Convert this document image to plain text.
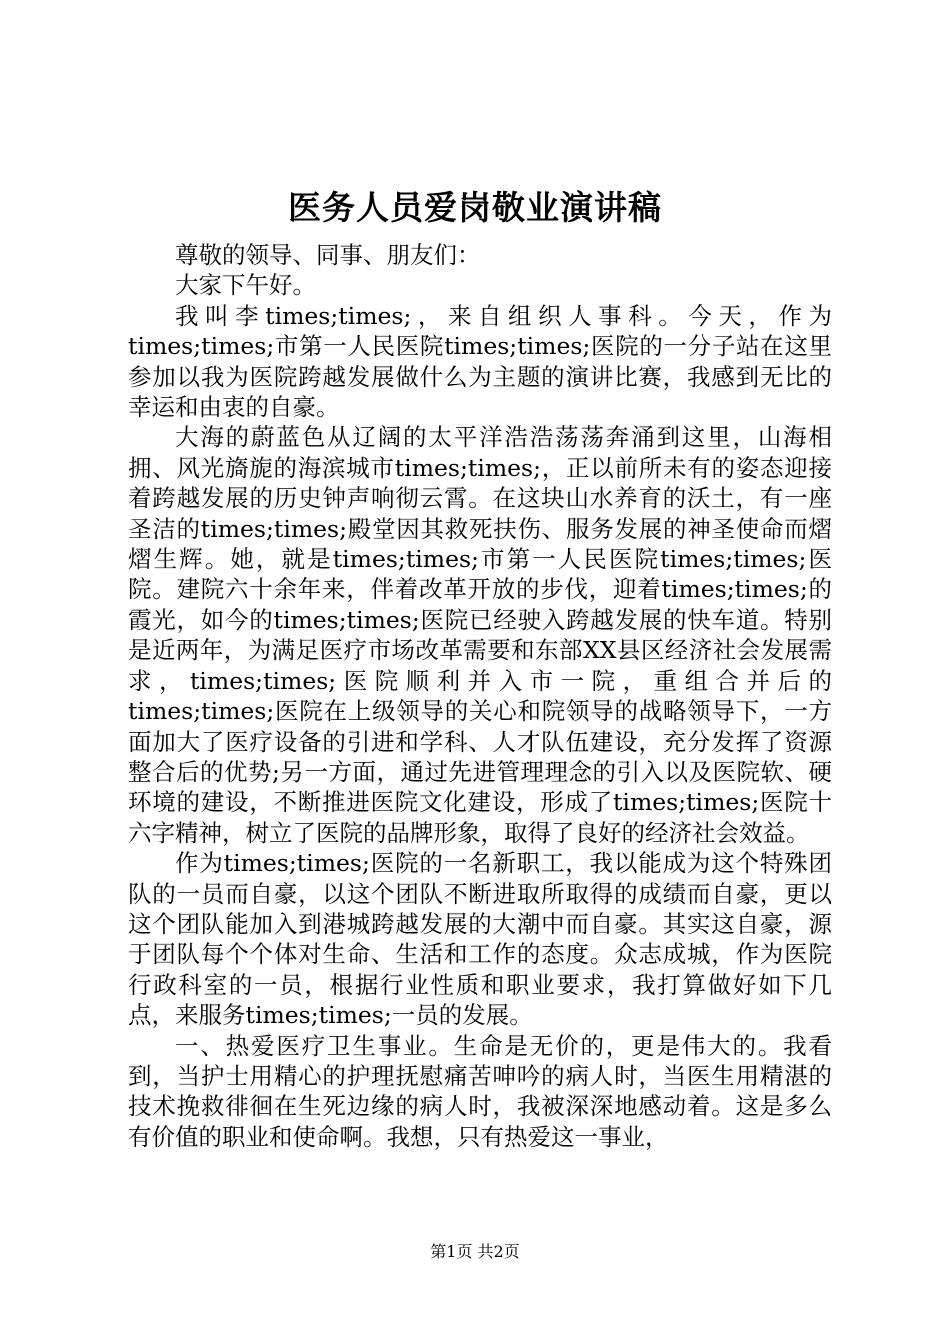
医务人员爱岗敬业演讲稿

尊敬的领导、同事、朋友们：

大家下午好。

我叫李times;times;，来自组织人事科。今天，作为times;times;市第一人民医院times;times;医院的一分子站在这里参加以我为医院跨越发展做什么为主题的演讲比赛，我感到无比的幸运和由衷的自豪。

大海的蔚蓝色从辽阔的太平洋浩浩荡荡奔涌到这里，山海相拥、风光旖旎的海滨城市times;times;，正以前所未有的姿态迎接着跨越发展的历史钟声响彻云霄。在这块山水养育的沃土，有一座圣洁的times;times;殿堂因其救死扶伤、服务发展的神圣使命而熠熠生辉。她，就是times;times;市第一人民医院times;times;医院。建院六十余年来，伴着改革开放的步伐，迎着times;times;的霞光，如今的times;times;医院已经驶入跨越发展的快车道。特别是近两年，为满足医疗市场改革需要和东部XX县区经济社会发展需求，times;times;医院顺利并入市一院，重组合并后的times;times;医院在上级领导的关心和院领导的战略领导下，一方面加大了医疗设备的引进和学科、人才队伍建设，充分发挥了资源整合后的优势;另一方面，通过先进管理理念的引入以及医院软、硬环境的建设，不断推进医院文化建设，形成了times;times;医院十六字精神，树立了医院的品牌形象，取得了良好的经济社会效益。

作为times;times;医院的一名新职工，我以能成为这个特殊团队的一员而自豪，以这个团队不断进取所取得的成绩而自豪，更以这个团队能加入到港城跨越发展的大潮中而自豪。其实这自豪，源于团队每个个体对生命、生活和工作的态度。众志成城，作为医院行政科室的一员，根据行业性质和职业要求，我打算做好如下几点，来服务times;times;一员的发展。

一、热爱医疗卫生事业。生命是无价的，更是伟大的。我看到，当护士用精心的护理抚慰痛苦呻吟的病人时，当医生用精湛的技术挽救徘徊在生死边缘的病人时，我被深深地感动着。这是多么有价值的职业和使命啊。我想，只有热爱这一事业，

第1页 共2页
